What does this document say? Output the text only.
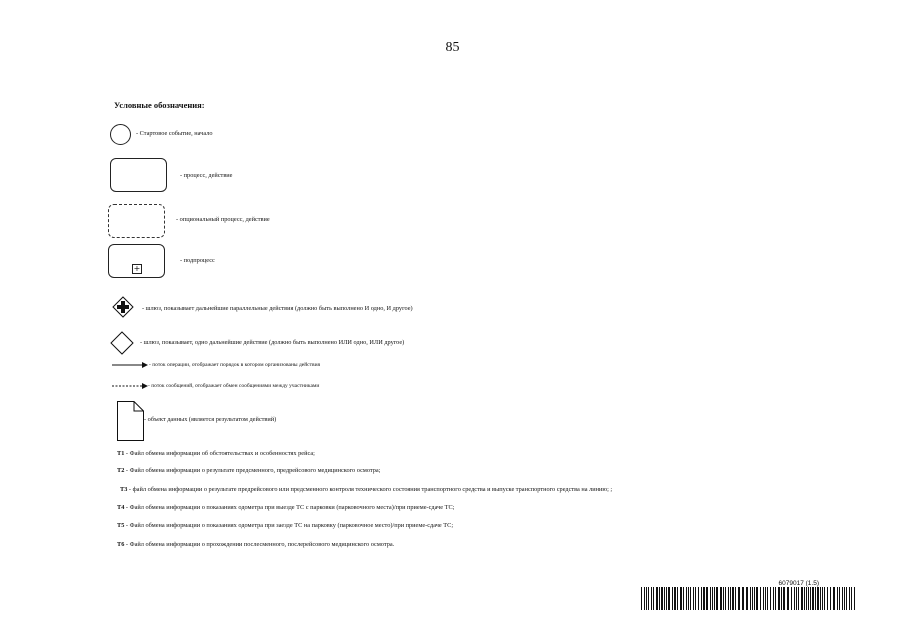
85
Условные обозначения:
- Стартовое событие, начало
- процесс, действие
- опциональный процесс, действие
+
- подпроцесс
- шлюз, показывает дальнейшие параллельные действия (должно быть выполнено И одно, И другое)
- шлюз, показывает, одно дальнейшие действие (должно быть выполнено ИЛИ одно, ИЛИ другое)
- поток операции, отображает порядок в котором организованы действия
- поток сообщений, отображает обмен сообщениями между участниками
- объект данных (является результатом действий)
T1 - Файл обмена информации об обстоятельствах и особенностях рейса;
T2 - Файл обмена информации о результате предсменного, предрейсового медицинского осмотра;
T3 - файл обмена информации о результате предрейсового или предсменного контроля технического состояния транспортного средства и выпуске транспортного средства на линию; ;
T4 - Файл обмена информации о показаниях одометра при выезде ТС с парковки (парковочного места)/при приеме-сдаче ТС;
T5 - Файл обмена информации о показаниях одометра при заезде ТС на парковку (парковочное место)/при приеме-сдаче ТС;
T6 - Файл обмена информации о прохождении послесменного, послерейсового медицинского осмотра.
6079017 (1.5)
